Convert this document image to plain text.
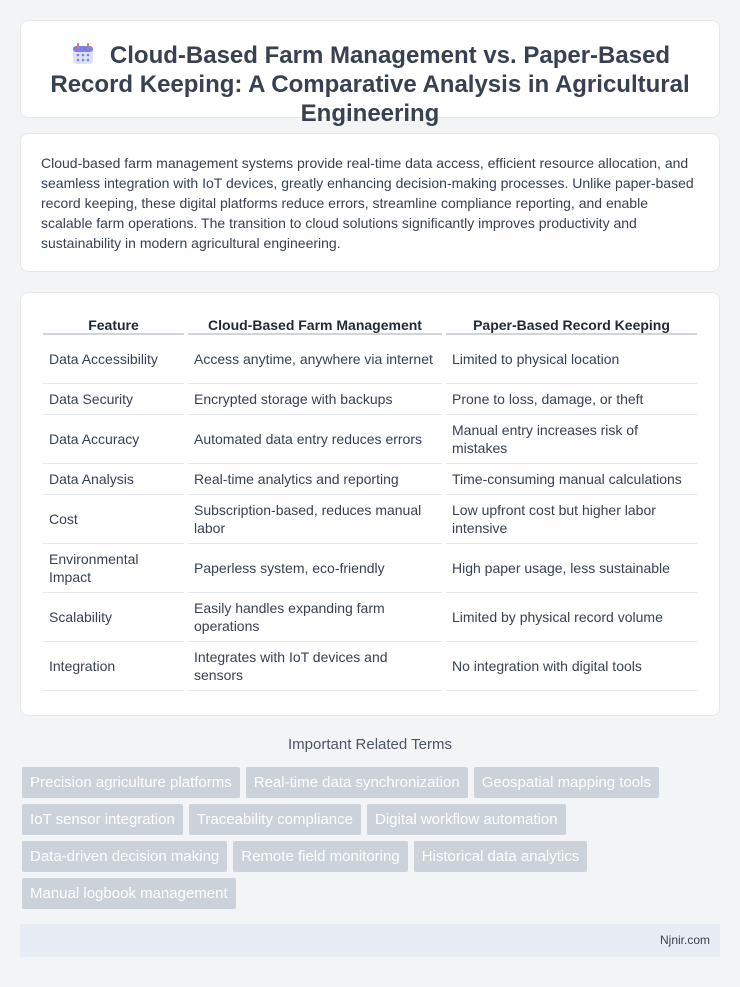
Cloud-Based Farm Management vs. Paper-Based Record Keeping: A Comparative Analysis in Agricultural Engineering

Cloud-based farm management systems provide real-time data access, efficient resource allocation, and seamless integration with IoT devices, greatly enhancing decision-making processes. Unlike paper-based record keeping, these digital platforms reduce errors, streamline compliance reporting, and enable scalable farm operations. The transition to cloud solutions significantly improves productivity and sustainability in modern agricultural engineering.

Feature	Cloud-Based Farm Management	Paper-Based Record Keeping
Data Accessibility	Access anytime, anywhere via internet	Limited to physical location
Data Security	Encrypted storage with backups	Prone to loss, damage, or theft
Data Accuracy	Automated data entry reduces errors	Manual entry increases risk of mistakes
Data Analysis	Real-time analytics and reporting	Time-consuming manual calculations
Cost	Subscription-based, reduces manual labor	Low upfront cost but higher labor intensive
Environmental Impact	Paperless system, eco-friendly	High paper usage, less sustainable
Scalability	Easily handles expanding farm operations	Limited by physical record volume
Integration	Integrates with IoT devices and sensors	No integration with digital tools
Important Related Terms
Precision agriculture platforms	Real-time data synchronization	Geospatial mapping tools
IoT sensor integration	Traceability compliance	Digital workflow automation
Data-driven decision making	Remote field monitoring	Historical data analytics
Manual logbook management
Njnir.com
